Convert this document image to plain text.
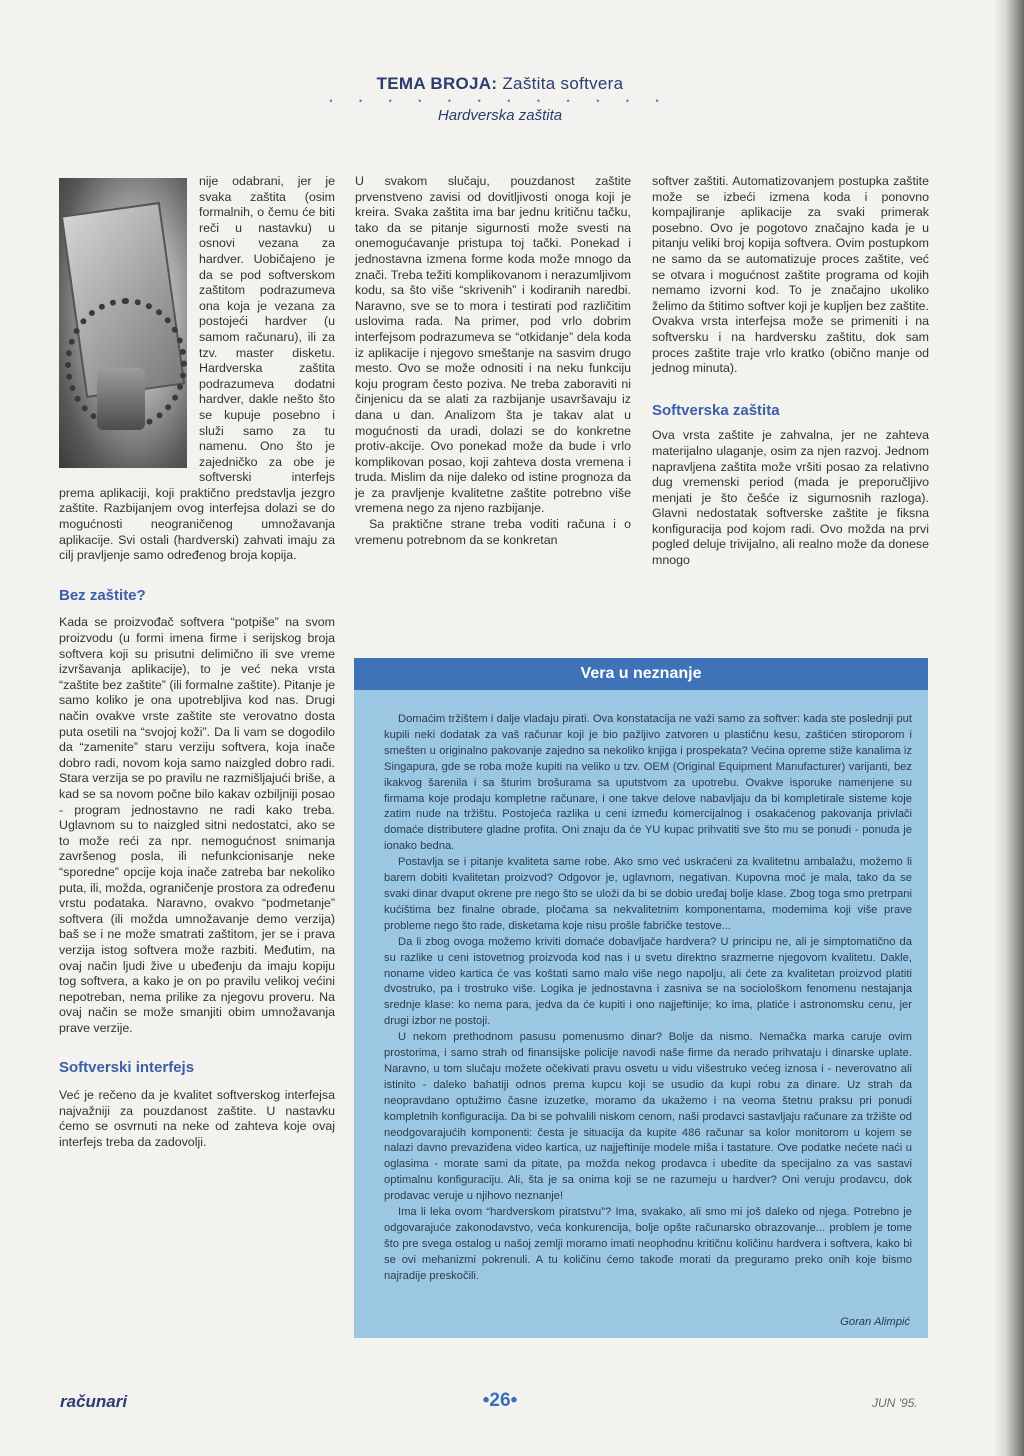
TEMA BROJA: Zaštita softvera
• • • • • • • • • • • •
Hardverska zaštita

nije odabrani, jer je svaka zaštita (osim formalnih, o čemu će biti reči u nastavku) u osnovi vezana za hardver. Uobičajeno je da se pod softverskom zaštitom podrazumeva ona koja je vezana za postojeći hardver (u samom računaru), ili za tzv. master disketu. Hardverska zaštita podrazumeva dodatni hardver, dakle nešto što se kupuje posebno i služi samo za tu namenu. Ono što je zajedničko za obe je softverski interfejs prema aplikaciji, koji praktično predstavlja jezgro zaštite. Razbijanjem ovog interfejsa dolazi se do mogućnosti neograničenog umnožavanja aplikacije. Svi ostali (hardverski) zahvati imaju za cilj pravljenje samo određenog broja kopija.

Bez zaštite?

Kada se proizvođač softvera “potpiše” na svom proizvodu (u formi imena firme i serijskog broja softvera koji su prisutni delimično ili sve vreme izvršavanja aplikacije), to je već neka vrsta “zaštite bez zaštite” (ili formalne zaštite). Pitanje je samo koliko je ona upotrebljiva kod nas. Drugi način ovakve vrste zaštite ste verovatno dosta puta osetili na “svojoj koži”. Da li vam se dogodilo da “zamenite” staru verziju softvera, koja inače dobro radi, novom koja samo naizgled dobro radi. Stara verzija se po pravilu ne razmišljajući briše, a kad se sa novom počne bilo kakav ozbiljniji posao - program jednostavno ne radi kako treba. Uglavnom su to naizgled sitni nedostatci, ako se to može reći za npr. nemogućnost snimanja završenog posla, ili nefunkcionisanje neke “sporedne” opcije koja inače zatreba bar nekoliko puta, ili, možda, ograničenje prostora za određenu vrstu podataka. Naravno, ovakvo “podmetanje” softvera (ili možda umnožavanje demo verzija) baš se i ne može smatrati zaštitom, jer se i prava verzija istog softvera može razbiti. Međutim, na ovaj način ljudi žive u ubeđenju da imaju kopiju tog softvera, a kako je on po pravilu velikoj većini nepotreban, nema prilike za njegovu proveru. Na ovaj način se može smanjiti obim umnožavanja prave verzije.

Softverski interfejs

Već je rečeno da je kvalitet softverskog interfejsa najvažniji za pouzdanost zaštite. U nastavku ćemo se osvrnuti na neke od zahteva koje ovaj interfejs treba da zadovolji.

U svakom slučaju, pouzdanost zaštite prvenstveno zavisi od dovitljivosti onoga koji je kreira. Svaka zaštita ima bar jednu kritičnu tačku, tako da se pitanje sigurnosti može svesti na onemogućavanje pristupa toj tački. Ponekad i jednostavna izmena forme koda može mnogo da znači. Treba težiti komplikovanom i nerazumljivom kodu, sa što više “skrivenih” i kodiranih naredbi. Naravno, sve se to mora i testirati pod različitim uslovima rada. Na primer, pod vrlo dobrim interfejsom podrazumeva se “otkidanje” dela koda iz aplikacije i njegovo smeštanje na sasvim drugo mesto. Ovo se može odnositi i na neku funkciju koju program često poziva. Ne treba zaboraviti ni činjenicu da se alati za razbijanje usavršavaju iz dana u dan. Analizom šta je takav alat u mogućnosti da uradi, dolazi se do konkretne protiv-akcije. Ovo ponekad može da bude i vrlo komplikovan posao, koji zahteva dosta vremena i truda. Mislim da nije daleko od istine prognoza da je za pravljenje kvalitetne zaštite potrebno više vremena nego za njeno razbijanje.

Sa praktične strane treba voditi računa i o vremenu potrebnom da se konkretan

softver zaštiti. Automatizovanjem postupka zaštite može se izbeći izmena koda i ponovno kompajliranje aplikacije za svaki primerak posebno. Ovo je pogotovo značajno kada je u pitanju veliki broj kopija softvera. Ovim postupkom ne samo da se automatizuje proces zaštite, već se otvara i mogućnost zaštite programa od kojih nemamo izvorni kod. To je značajno ukoliko želimo da štitimo softver koji je kupljen bez zaštite. Ovakva vrsta interfejsa može se primeniti i na softversku i na hardversku zaštitu, dok sam proces zaštite traje vrlo kratko (obično manje od jednog minuta).

Softverska zaštita

Ova vrsta zaštite je zahvalna, jer ne zahteva materijalno ulaganje, osim za njen razvoj. Jednom napravljena zaštita može vršiti posao za relativno dug vremenski period (mada je preporučljivo menjati je što češće iz sigurnosnih razloga). Glavni nedostatak softverske zaštite je fiksna konfiguracija pod kojom radi. Ovo možda na prvi pogled deluje trivijalno, ali realno može da donese mnogo

Vera u neznanje

Domaćim tržištem i dalje vladaju pirati. Ova konstatacija ne važi samo za softver: kada ste poslednji put kupili neki dodatak za vaš računar koji je bio pažljivo zatvoren u plastičnu kesu, zaštićen stiroporom i smešten u originalno pakovanje zajedno sa nekoliko knjiga i prospekata? Većina opreme stiže kanalima iz Singapura, gde se roba može kupiti na veliko u tzv. OEM (Original Equipment Manufacturer) varijanti, bez ikakvog šarenila i sa šturim brošurama sa uputstvom za upotrebu. Ovakve isporuke namenjene su firmama koje prodaju kompletne računare, i one takve delove nabavljaju da bi kompletirale sisteme koje zatim nude na tržištu. Postojeća razlika u ceni između komercijalnog i osakaćenog pakovanja privlači domaće distributere gladne profita. Oni znaju da će YU kupac prihvatiti sve što mu se ponudi - ponuda je ionako bedna.

Postavlja se i pitanje kvaliteta same robe. Ako smo već uskraćeni za kvalitetnu ambalažu, možemo li barem dobiti kvalitetan proizvod? Odgovor je, uglavnom, negativan. Kupovna moć je mala, tako da se svaki dinar dvaput okrene pre nego što se uloži da bi se dobio uređaj bolje klase. Zbog toga smo pretrpani kućištima bez finalne obrade, pločama sa nekvalitetnim komponentama, modemima koji više prave probleme nego što rade, disketama koje nisu prošle fabričke testove...

Da li zbog ovoga možemo kriviti domaće dobavljače hardvera? U principu ne, ali je simptomatično da su razlike u ceni istovetnog proizvoda kod nas i u svetu direktno srazmerne njegovom kvalitetu. Dakle, noname video kartica će vas koštati samo malo više nego napolju, ali ćete za kvalitetan proizvod platiti dvostruko, pa i trostruko više. Logika je jednostavna i zasniva se na sociološkom fenomenu nestajanja srednje klase: ko nema para, jedva da će kupiti i ono najjeftinije; ko ima, platiće i astronomsku cenu, jer drugi izbor ne postoji.

U nekom prethodnom pasusu pomenusmo dinar? Bolje da nismo. Nemačka marka caruje ovim prostorima, i samo strah od finansijske policije navodi naše firme da nerado prihvataju i dinarske uplate. Naravno, u tom slučaju možete očekivati pravu osvetu u vidu višestruko većeg iznosa i - neverovatno ali istinito - daleko bahatiji odnos prema kupcu koji se usudio da kupi robu za dinare. Uz strah da neopravdano optužimo časne izuzetke, moramo da ukažemo i na veoma štetnu praksu pri ponudi kompletnih konfiguracija. Da bi se pohvalili niskom cenom, naši prodavci sastavljaju računare za tržište od neodgovarajućih komponenti: česta je situacija da kupite 486 računar sa kolor monitorom u kojem se nalazi davno prevaziđena video kartica, uz najjeftinije modele miša i tastature. Ove podatke nećete naći u oglasima - morate sami da pitate, pa možda nekog prodavca i ubedite da specijalno za vas sastavi optimalnu konfiguraciju. Ali, šta je sa onima koji se ne razumeju u hardver? Oni veruju prodavcu, dok prodavac veruje u njihovo neznanje!

Ima li leka ovom “hardverskom piratstvu”? Ima, svakako, ali smo mi još daleko od njega. Potrebno je odgovarajuće zakonodavstvo, veća konkurencija, bolje opšte računarsko obrazovanje... problem je tome što pre svega ostalog u našoj zemlji moramo imati neophodnu kritičnu količinu hardvera i softvera, kako bi se ovi mehanizmi pokrenuli. A tu količinu ćemo takođe morati da preguramo preko onih koje bismo najradije preskočili.

Goran Alimpić
računari	•26•	JUN '95.
